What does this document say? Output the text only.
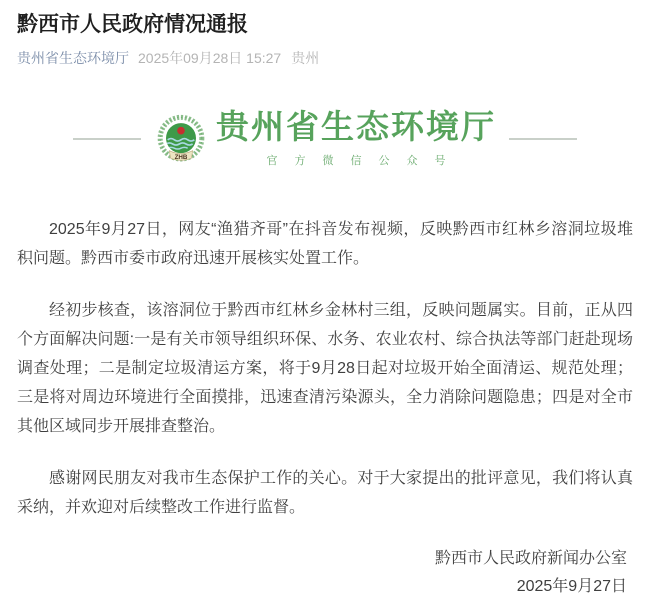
黔西市人民政府情况通报
贵州省生态环境厅 2025年09月28日 15:27 贵州
ZHB
贵州省生态环境厅
官方微信公众号

2025年9月27日，网友“渔猎齐哥”在抖音发布视频，反映黔西市红林乡溶洞垃圾堆积问题。黔西市委市政府迅速开展核实处置工作。

经初步核查，该溶洞位于黔西市红林乡金林村三组，反映问题属实。目前，正从四个方面解决问题:一是有关市领导组织环保、水务、农业农村、综合执法等部门赶赴现场调查处理；二是制定垃圾清运方案，将于9月28日起对垃圾开始全面清运、规范处理；三是将对周边环境进行全面摸排，迅速查清污染源头，全力消除问题隐患；四是对全市其他区域同步开展排查整治。

感谢网民朋友对我市生态保护工作的关心。对于大家提出的批评意见，我们将认真采纳，并欢迎对后续整改工作进行监督。

黔西市人民政府新闻办公室

2025年9月27日
